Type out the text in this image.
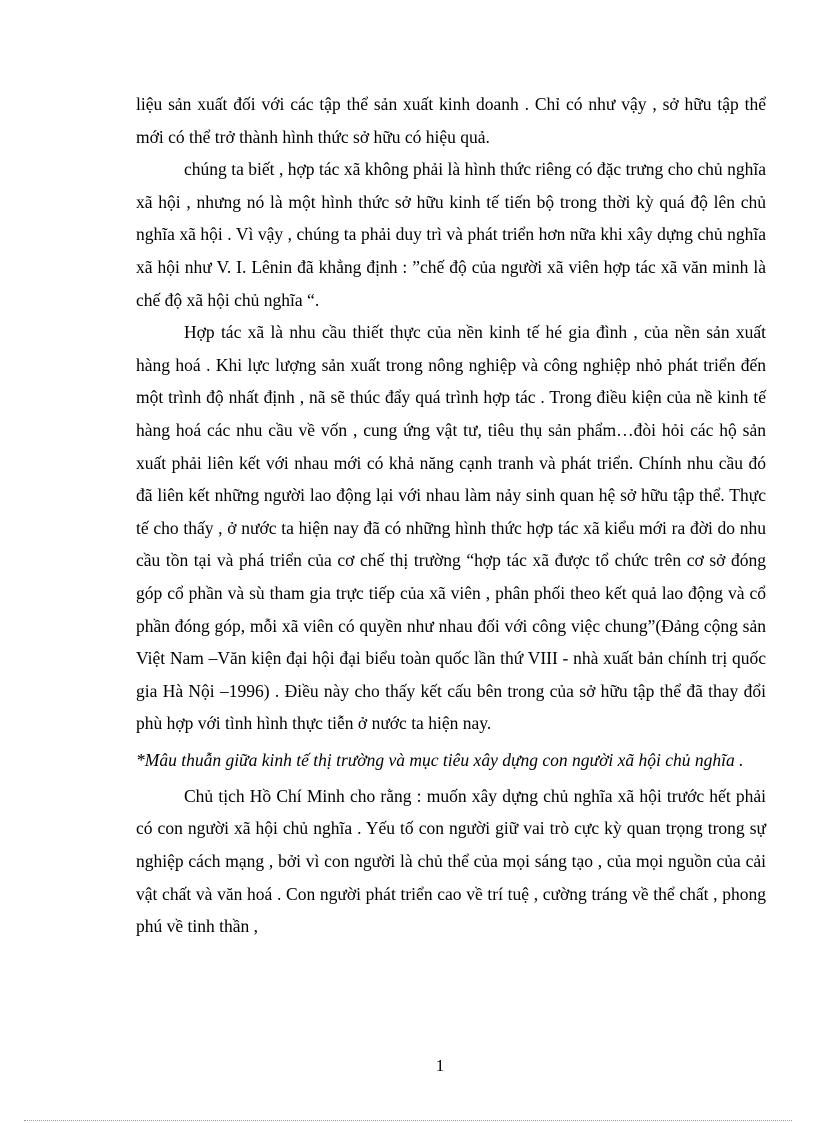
liệu sản xuất đối với các tập thể sản xuất kinh doanh . Chỉ có như vậy , sở hữu tập thể mới có thể trở thành hình thức sở hữu có hiệu quả.

chúng ta biết , hợp tác xã không phải là hình thức riêng có đặc trưng cho chủ nghĩa xã hội , nhưng nó là một hình thức sở hữu kinh tế tiến bộ trong thời kỳ quá độ lên chủ nghĩa xã hội . Vì vậy , chúng ta phải duy trì và phát triển hơn nữa khi xây dựng chủ nghĩa xã hội như V. I. Lênin đã khẳng định : ”chế độ của người xã viên hợp tác xã văn minh là chế độ xã hội chủ nghĩa “.

Hợp tác xã là nhu cầu thiết thực của nền kinh tế hé gia đình , của nền sản xuất hàng hoá . Khi lực lượng sản xuất trong nông nghiệp và công nghiệp nhỏ phát triển đến một trình độ nhất định , nã sẽ thúc đẩy quá trình hợp tác . Trong điều kiện của nề kinh tế hàng hoá các nhu cầu về vốn , cung ứng vật tư, tiêu thụ sản phẩm…đòi hỏi các hộ sản xuất phải liên kết với nhau mới có khả năng cạnh tranh và phát triển. Chính nhu cầu đó đã liên kết những người lao động lại với nhau làm nảy sinh quan hệ sở hữu tập thể. Thực tế cho thấy , ở nước ta hiện nay đã có những hình thức hợp tác xã kiểu mới ra đời do nhu cầu tồn tại và phá triển của cơ chế thị trường “hợp tác xã được tổ chức trên cơ sở đóng góp cổ phần và sù tham gia trực tiếp của xã viên , phân phối theo kết quả lao động và cổ phần đóng góp, mỗi xã viên có quyền như nhau đối với công việc chung”(Đảng cộng sản Việt Nam –Văn kiện đại hội đại biểu toàn quốc lần thứ VIII - nhà xuất bản chính trị quốc gia Hà Nội –1996) . Điều này cho thấy kết cấu bên trong của sở hữu tập thể đã thay đổi phù hợp với tình hình thực tiễn ở nước ta hiện nay.

*Mâu thuẫn giữa kinh tế thị trường và mục tiêu xây dựng con người xã hội chủ nghĩa .

Chủ tịch Hồ Chí Minh cho rằng : muốn xây dựng chủ nghĩa xã hội trước hết phải có con người xã hội chủ nghĩa . Yếu tố con người giữ vai trò cực kỳ quan trọng trong sự nghiệp cách mạng , bởi vì con người là chủ thể của mọi sáng tạo , của mọi nguồn của cải vật chất và văn hoá . Con người phát triển cao về trí tuệ , cường tráng về thể chất , phong phú về tinh thần ,

1
